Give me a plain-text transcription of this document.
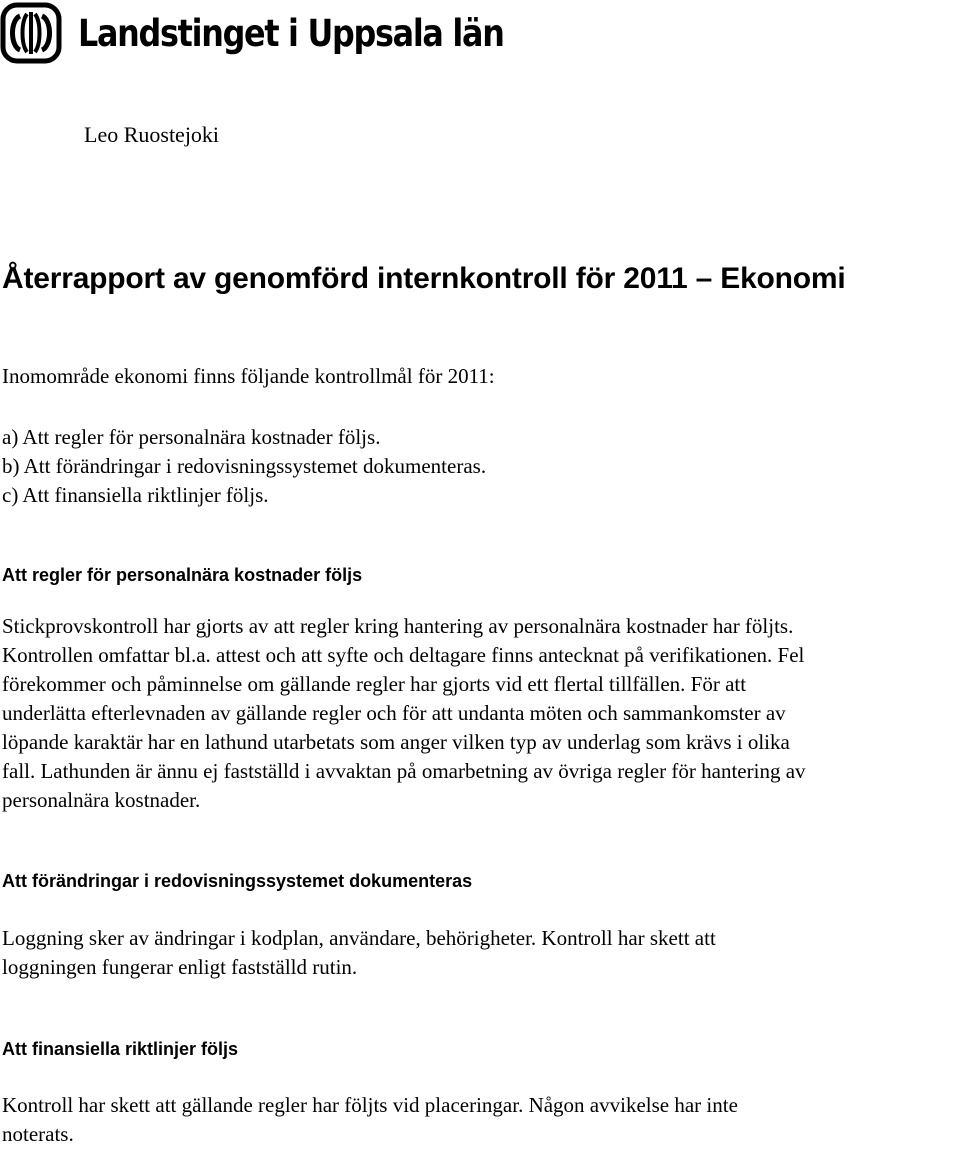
Landstinget i Uppsala län
Leo Ruostejoki
Återrapport av genomförd internkontroll för 2011 – Ekonomi

Inomområde ekonomi finns följande kontrollmål för 2011:

a) Att regler för personalnära kostnader följs.
b) Att förändringar i redovisningssystemet dokumenteras.
c) Att finansiella riktlinjer följs.
Att regler för personalnära kostnader följs
Stickprovskontroll har gjorts av att regler kring hantering av personalnära kostnader har följts.
Kontrollen omfattar bl.a. attest och att syfte och deltagare finns antecknat på verifikationen. Fel
förekommer och påminnelse om gällande regler har gjorts vid ett flertal tillfällen. För att
underlätta efterlevnaden av gällande regler och för att undanta möten och sammankomster av
löpande karaktär har en lathund utarbetats som anger vilken typ av underlag som krävs i olika
fall. Lathunden är ännu ej fastställd i avvaktan på omarbetning av övriga regler för hantering av
personalnära kostnader.
Att förändringar i redovisningssystemet dokumenteras
Loggning sker av ändringar i kodplan, användare, behörigheter. Kontroll har skett att
loggningen fungerar enligt fastställd rutin.
Att finansiella riktlinjer följs
Kontroll har skett att gällande regler har följts vid placeringar. Någon avvikelse har inte
noterats.
